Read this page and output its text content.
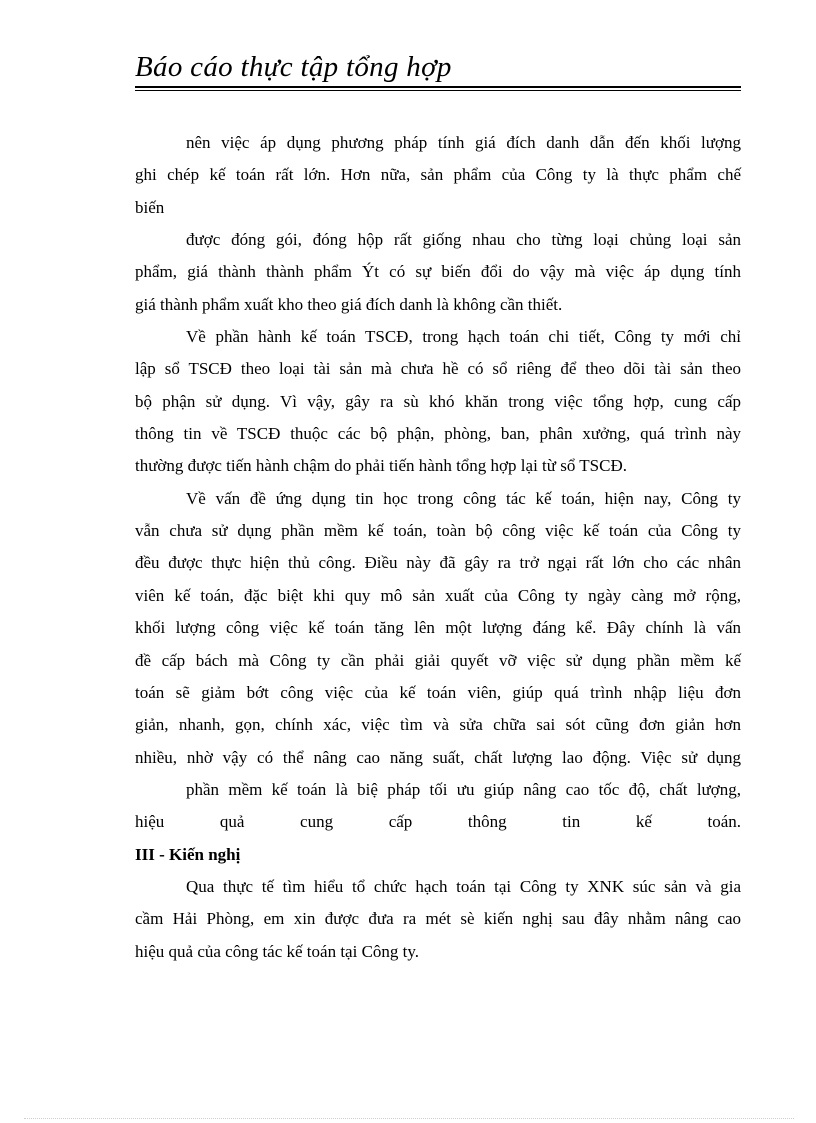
Báo cáo thực tập tổng hợp
nên việc áp dụng phương pháp tính giá đích danh dẫn đến khối lượng
ghi chép kế toán rất lớn. Hơn nữa, sản phẩm của Công ty là thực phẩm chế
biến
được đóng gói, đóng hộp rất giống nhau cho từng loại chủng loại sản
phẩm, giá thành thành phẩm Ýt có sự biến đổi do vậy mà việc áp dụng tính
giá thành phẩm xuất kho theo giá đích danh là không cần thiết.
Về phần hành kế toán TSCĐ, trong hạch toán chi tiết, Công ty mới chỉ
lập sổ TSCĐ theo loại tài sản mà chưa hề có sổ riêng để theo dõi tài sản theo
bộ phận sử dụng. Vì vậy, gây ra sù khó khăn trong việc tổng hợp, cung cấp
thông tin về TSCĐ thuộc các bộ phận, phòng, ban, phân xưởng, quá trình này
thường được tiến hành chậm do phải tiến hành tổng hợp lại từ sổ TSCĐ.
Về vấn đề ứng dụng tin học trong công tác kế toán, hiện nay, Công ty
vẫn chưa sử dụng phần mềm kế toán, toàn bộ công việc kế toán của Công ty
đều được thực hiện thủ công. Điều này đã gây ra trở ngại rất lớn cho các nhân
viên kế toán, đặc biệt khi quy mô sản xuất của Công ty ngày càng mở rộng,
khối lượng công việc kế toán tăng lên một lượng đáng kể. Đây chính là vấn
đề cấp bách mà Công ty cần phải giải quyết vỡ việc sử dụng phần mềm kế
toán sẽ giảm bớt công việc của kế toán viên, giúp quá trình nhập liệu đơn
giản, nhanh, gọn, chính xác, việc tìm và sửa chữa sai sót cũng đơn giản hơn
nhiều, nhờ vậy có thể nâng cao năng suất, chất lượng lao động. Việc sử dụng
phần mềm kế toán là biệ pháp tối ưu giúp nâng cao tốc độ, chất lượng,
hiệu quả cung cấp thông tin kế toán.
III - Kiến nghị
Qua thực tế tìm hiểu tổ chức hạch toán tại Công ty XNK súc sản và gia
cầm Hải Phòng, em xin được đưa ra mét sè kiến nghị sau đây nhằm nâng cao
hiệu quả của công tác kế toán tại Công ty.
